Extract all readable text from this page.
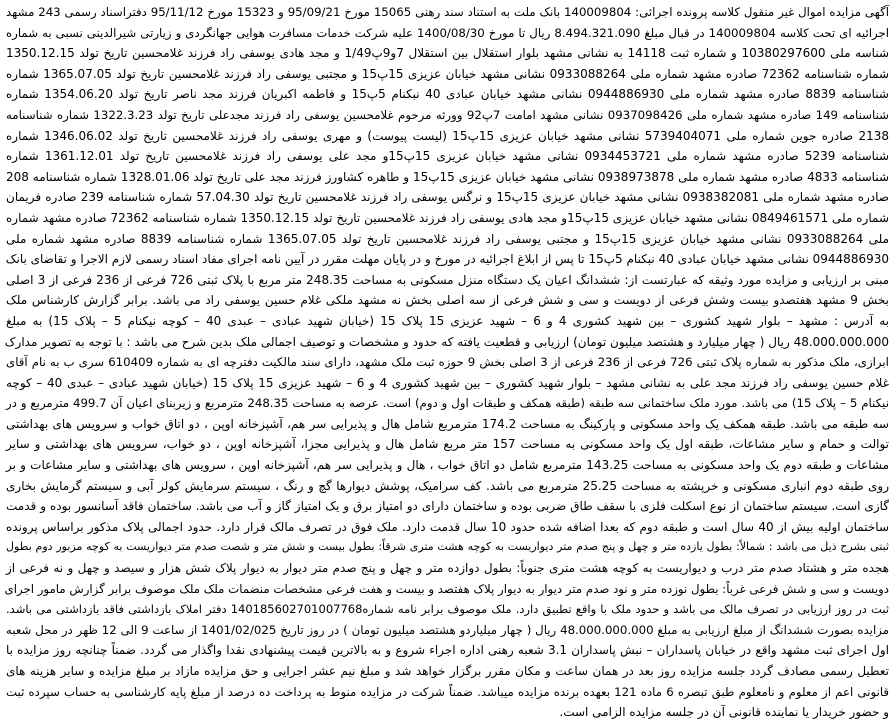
آگهی مزایده اموال غیر منقول کلاسه پرونده اجرائی: 140009804 بانک ملت به استناد سند رهنی 15065 مورخ 95/09/21 و 15323 مورخ 95/11/12 دفتراسناد رسمی 243 مشهد
اجرائیه ای تحت کلاسه 140009804 در قبال مبلغ 8.494.321.090 ریال تا مورخ 1400/08/30 علیه شرکت خدمات مسافرت هوایی جهانگردی و زیارتی شیرالدینی نسبی به شماره
شناسه ملی 10380297600 و شماره ثبت 14118 به نشانی مشهد بلوار استقلال بین استقلال 7و9پ1/49 و مجد هادی یوسفی راد فرزند غلامحسین تاریخ تولد 1350.12.15
شماره شناسنامه 72362 صادره مشهد شماره ملی 0933088264 نشانی مشهد خیابان عزیزی 15پ15 و مجتبی یوسفی راد فرزند غلامحسین تاریخ تولد 1365.07.05 شماره
شناسنامه 8839 صادره مشهد شماره ملی 0944886930 نشانی مشهد خیابان عبادی 40 نبکنام 5پ15 و فاطمه اکبریان فرزند مجد ناصر تاریخ تولد 1354.06.20 شماره
شناسنامه 149 صادره مشهد شماره ملی 0937098426 نشانی مشهد امامت 7پ92 وورثه مرحوم غلامحسین یوسفی راد فرزند مجدعلی تاریخ تولد 1322.3.23 شماره شناسنامه
2138 صادره جوین شماره ملی 5739404071 نشانی مشهد خیابان عزیزی 15پ15 (لیست پیوست) و مهری یوسفی راد فرزند غلامحسین تاریخ تولد 1346.06.02 شماره
شناسنامه 5239 صادره مشهد شماره ملی 0934453721 نشانی مشهد خیابان عزیزی 15پ15و مجد علی یوسفی راد فرزند غلامحسین تاریخ تولد 1361.12.01 شماره
شناسنامه 4833 صادره مشهد شماره ملی 0938973878 نشانی مشهد خیابان عزیزی 15پ15 و طاهره کشاورز فرزند مجد علی تاریخ تولد 1328.01.06 شماره شناسنامه 208
صادره مشهد شماره ملی 0938382081 نشانی مشهد خیابان عزیزی 15پ15 و نرگس یوسفی راد فرزند غلامحسین تاریخ تولد 57.04.30 شماره شناسنامه 239 صادره فریمان
شماره ملی 0849461571 نشانی مشهد خیابان عزیزی 15پ15و مجد هادی یوسفی راد فرزند غلامحسین تاریخ تولد 1350.12.15 شماره شناسنامه 72362 صادره مشهد شماره
ملی 0933088264 نشانی مشهد خیابان عزیزی 15پ15 و مجتبی یوسفی راد فرزند غلامحسین تاریخ تولد 1365.07.05 شماره شناسنامه 8839 صادره مشهد شماره ملی
0944886930 نشانی مشهد خیابان عبادی 40 نبکنام 5پ15 تا پس از ابلاغ اجرائیه در مورخ و در پایان مهلت مقرر در آیین نامه اجرای مفاد اسناد رسمی لازم الاجرا و تقاضای بانک
مبنی بر ارزیابی و مزایده مورد وثیقه که عبارتست از: ششدانگ اعیان یک دستگاه منزل مسکونی به مساحت 248.35 متر مربع با پلاک ثبتی 726 فرعی از 236 فرعی از 3 اصلی
بخش 9 مشهد هفتصدو بیست وشش فرعی از دویست و سی و شش فرعی از سه اصلی بخش نه مشهد ملکی غلام حسین یوسفی راد می باشد. برابر گزارش کارشناس ملک
به آدرس : مشهد – بلوار شهید کشوری – بین شهید کشوری 4 و 6 – شهید عزیزی 15 پلاک 15 (خیابان شهید عبادی – عبدی 40 – کوچه نیکنام 5 – پلاک 15) به مبلغ
48.000.000.000 ریال ( چهار میلیارد و هشتصد میلیون تومان) ارزیابی و قطعیت یافته که حدود و مشخصات و توصیف اجمالی ملک بدین شرح می باشد : با توجه به تصویر مدارک
ابرازی، ملک مذکور به شماره پلاک ثبتی 726 فرعی از 236 فرعی از 3 اصلی بخش 9 حوزه ثبت ملک مشهد، دارای سند مالکیت دفترچه ای به شماره 610409 سری ب به نام آقای
غلام حسین یوسفی راد فرزند مجد علی به نشانی مشهد – بلوار شهید کشوری – بین شهید کشوری 4 و 6 – شهید عزیزی 15 پلاک 15 (خیابان شهید عبادی – عبدی 40 – کوچه
نیکنام 5 – پلاک 15) می باشد. مورد ملک ساختمانی سه طبقه (طبقه همکف و طبقات اول و دوم) است. عرصه به مساحت 248.35 مترمربع و زیربنای اعیان آن 499.7 مترمربع و در
سه طبقه می باشد. طبقه همکف یک واحد مسکونی و پارکینگ به مساحت 174.2 مترمربع شامل هال و پذیرایی سر هم، آشپزخانه اوپن ، دو اتاق خواب و سرویس های بهداشتی
توالت و حمام و سایر مشاعات، طبقه اول یک واحد مسکونی به مساحت 157 متر مربع شامل هال و پذیرایی مجزا، آشپزخانه اوپن ، دو خواب، سرویس های بهداشتی و سایر
مشاعات و طبقه دوم یک واحد مسکونی به مساحت 143.25 مترمربع شامل دو اتاق خواب ، هال و پذیرایی سر هم، آشپزخانه اوپن ، سرویس های بهداشتی و سایر مشاعات و بر
روی طبقه دوم انباری مسکونی و خرپشته به مساحت 25.25 مترمربع می باشد. کف سرامیک، پوشش دیوارها گچ و رنگ ، سیستم سرمایش کولر آبی و سیستم گرمایش بخاری
گازی است. سیستم ساختمان از نوع اسکلت فلزی با سقف طاق ضربی بوده و ساختمان دارای دو امتیاز برق و یک امتیاز گاز و آب می باشد. ساختمان فاقد آسانسور بوده و قدمت
ساختمان اولیه بیش از 40 سال است و طبقه دوم که بعدا اضافه شده حدود 10 سال قدمت دارد. ملک فوق در تصرف مالک قرار دارد. حدود اجمالی پلاک مذکور براساس پرونده
ثبتی بشرح ذیل می باشد : شمالاً: بطول یازده متر و چهل و پنج صدم متر دیواریست به کوچه هشت متری شرقاً: بطول بیست و شش متر و شصت صدم متر دیواریست به کوچه مزبور دوم بطول
هجده متر و هشتاد صدم متر درب و دیواریست به کوچه هشت متری جنوباً: بطول دوازده متر و چهل و پنج صدم متر دیوار به دیوار پلاک شش هزار و سیصد و چهل و نه فرعی از
دویست و سی و شش فرعی غرباً: بطول نوزده متر و نود صدم متر دیوار به دیوار پلاک هفتصد و بیست و هفت فرعی مشخصات منضمات ملک ملک موصوف برابر گزارش مامور اجرای
ثبت در روز ارزیابی در تصرف مالک می باشد و حدود ملک با واقع تطبیق دارد. ملک موصوف برابر نامه شماره140185602701007768 دفتر املاک بازداشتی فاقد بازداشتی می باشد.
مزایده بصورت ششدانگ از مبلغ ارزیابی به مبلغ 48.000.000.000 ریال ( چهار میلیاردو هشتصد میلیون تومان ) در روز تاریخ 1401/02/025 از ساعت 9 الی 12 ظهر در محل شعبه
اول اجرای ثبت مشهد واقع در خیابان پاسداران – نبش پاسداران 3.1 شعبه رهنی اداره اجراء شروع و به بالاترین قیمت پیشنهادی نقدا واگذار می گردد. ضمناً چنانچه روز مزایده با
تعطیل رسمی مصادف گردد جلسه مزایده روز بعد در همان ساعت و مکان مقرر برگزار خواهد شد و مبلغ نیم عشر اجرایی و حق مزایده مازاد بر مبلغ مزایده و سایر هزینه های
قانونی اعم از معلوم و نامعلوم طبق تبصره 6 ماده 121 بعهده برنده مزایده میباشد. ضمناً شرکت در مزایده منوط به پرداخت ده درصد از مبلغ پایه کارشناسی به حساب سپرده ثبت
و حضور خریدار یا نماینده قانونی آن در جلسه مزایده الزامی است.
